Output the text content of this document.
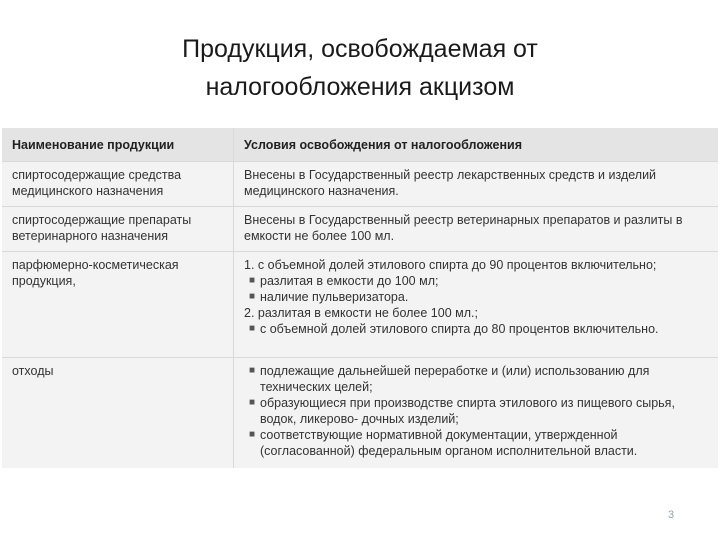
Продукция, освобождаемая от
налогообложения акцизом
Наименование продукции	Условия освобождения от налогообложения
спиртосодержащие средства
медицинского назначения
Внесены в Государственный реестр лекарственных средств и изделий
медицинского назначения.
спиртосодержащие препараты
ветеринарного назначения
Внесены в Государственный реестр ветеринарных препаратов и разлиты в
емкости не более 100 мл.
парфюмерно-косметическая
продукция,
1. с объемной долей этилового спирта до 90 процентов включительно;
■ разлитая в емкости до 100 мл;
■ наличие пульверизатора.
2. разлитая в емкости не более 100 мл.;
■ с объемной долей этилового спирта до 80 процентов включительно.
отходы	■ подлежащие дальнейшей переработке и (или) использованию для
технических целей;
■ образующиеся при производстве спирта этилового из пищевого сырья,
водок, ликерово- дочных изделий;
■ соответствующие нормативной документации, утвержденной
(согласованной) федеральным органом исполнительной власти.
3
